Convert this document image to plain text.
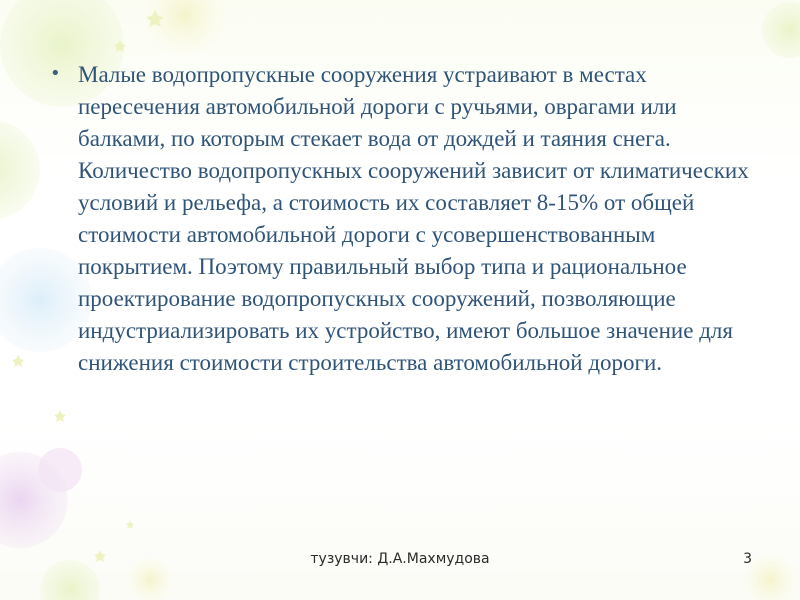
• Малые водопропускные сооружения устраивают в местах пересечения автомобильной дороги с ручьями, оврагами или балками, по которым стекает вода от дождей и таяния снега. Количество водопропускных сооружений зависит от климатических условий и рельефа, а стоимость их составляет 8-15% от общей стоимости автомобильной дороги с усовершенствованным покрытием. Поэтому правильный выбор типа и рациональное проектирование водопропускных сооружений, позволяющие индустриализировать их устройство, имеют большое значение для снижения стоимости строительства автомобильной дороги.

тузувчи: Д.А.Махмудова	3
